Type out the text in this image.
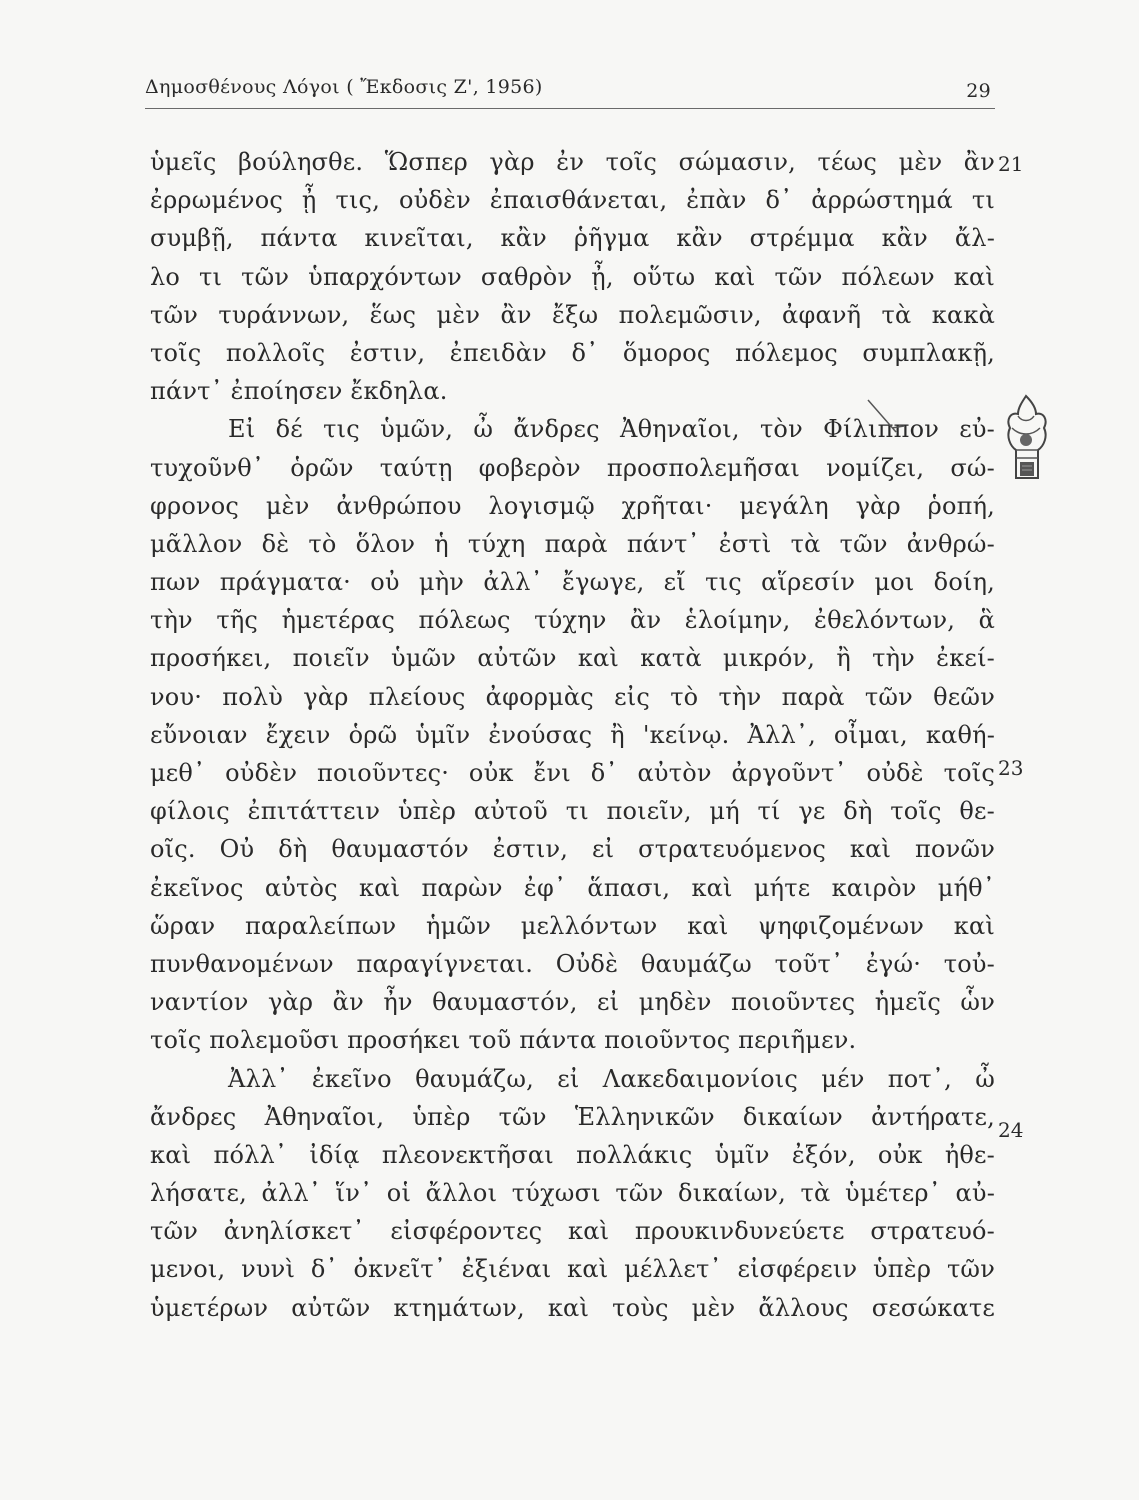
Δημοσθένους Λόγοι ( Ἔκδοσις Ζ', 1956)	29
ὑμεῖς βούλησθε. Ὥσπερ γὰρ ἐν τοῖς σώμασιν, τέως μὲν ἂν
ἐρρωμένος ᾖ τις, οὐδὲν ἐπαισθάνεται, ἐπὰν δ᾽ ἀρρώστημά τι
συμβῇ, πάντα κινεῖται, κἂν ῥῆγμα κἂν στρέμμα κἂν ἄλ-
λο τι τῶν ὑπαρχόντων σαθρὸν ᾖ, οὕτω καὶ τῶν πόλεων καὶ
τῶν τυράννων, ἕως μὲν ἂν ἔξω πολεμῶσιν, ἀφανῆ τὰ κακὰ
τοῖς πολλοῖς ἐστιν, ἐπειδὰν δ᾽ ὅμορος πόλεμος συμπλακῇ,
πάντ᾽ ἐποίησεν ἔκδηλα.
Εἰ δέ τις ὑμῶν, ὦ ἄνδρες Ἀθηναῖοι, τὸν Φίλιππον εὐ-
τυχοῦνθ᾽ ὁρῶν ταύτῃ φοβερὸν προσπολεμῆσαι νομίζει, σώ-
φρονος μὲν ἀνθρώπου λογισμῷ χρῆται· μεγάλη γὰρ ῥοπή,
μᾶλλον δὲ τὸ ὅλον ἡ τύχη παρὰ πάντ᾽ ἐστὶ τὰ τῶν ἀνθρώ-
πων πράγματα· οὐ μὴν ἀλλ᾽ ἔγωγε, εἴ τις αἵρεσίν μοι δοίη,
τὴν τῆς ἡμετέρας πόλεως τύχην ἂν ἑλοίμην, ἐθελόντων, ἃ
προσήκει, ποιεῖν ὑμῶν αὐτῶν καὶ κατὰ μικρόν, ἢ τὴν ἐκεί-
νου· πολὺ γὰρ πλείους ἀφορμὰς εἰς τὸ τὴν παρὰ τῶν θεῶν
εὔνοιαν ἔχειν ὁρῶ ὑμῖν ἐνούσας ἢ 'κείνῳ. Ἀλλ᾽, οἶμαι, καθή-
μεθ᾽ οὐδὲν ποιοῦντες· οὐκ ἔνι δ᾽ αὐτὸν ἀργοῦντ᾽ οὐδὲ τοῖς
φίλοις ἐπιτάττειν ὑπὲρ αὐτοῦ τι ποιεῖν, μή τί γε δὴ τοῖς θε-
οῖς. Οὐ δὴ θαυμαστόν ἐστιν, εἰ στρατευόμενος καὶ πονῶν
ἐκεῖνος αὐτὸς καὶ παρὼν ἐφ᾽ ἅπασι, καὶ μήτε καιρὸν μήθ᾽
ὥραν παραλείπων ἡμῶν μελλόντων καὶ ψηφιζομένων καὶ
πυνθανομένων παραγίγνεται. Οὐδὲ θαυμάζω τοῦτ᾽ ἐγώ· τοὐ-
ναντίον γὰρ ἂν ἦν θαυμαστόν, εἰ μηδὲν ποιοῦντες ἡμεῖς ὧν
τοῖς πολεμοῦσι προσήκει τοῦ πάντα ποιοῦντος περιῆμεν.
Ἀλλ᾽ ἐκεῖνο θαυμάζω, εἰ Λακεδαιμονίοις μέν ποτ᾽, ὦ
ἄνδρες Ἀθηναῖοι, ὑπὲρ τῶν Ἑλληνικῶν δικαίων ἀντήρατε,
καὶ πόλλ᾽ ἰδίᾳ πλεονεκτῆσαι πολλάκις ὑμῖν ἐξόν, οὐκ ἠθε-
λήσατε, ἀλλ᾽ ἵν᾽ οἱ ἄλλοι τύχωσι τῶν δικαίων, τὰ ὑμέτερ᾽ αὐ-
τῶν ἀνηλίσκετ᾽ εἰσφέροντες καὶ προυκινδυνεύετε στρατευό-
μενοι, νυνὶ δ᾽ ὀκνεῖτ᾽ ἐξιέναι καὶ μέλλετ᾽ εἰσφέρειν ὑπὲρ τῶν
ὑμετέρων αὐτῶν κτημάτων, καὶ τοὺς μὲν ἄλλους σεσώκατε
21
23
24
